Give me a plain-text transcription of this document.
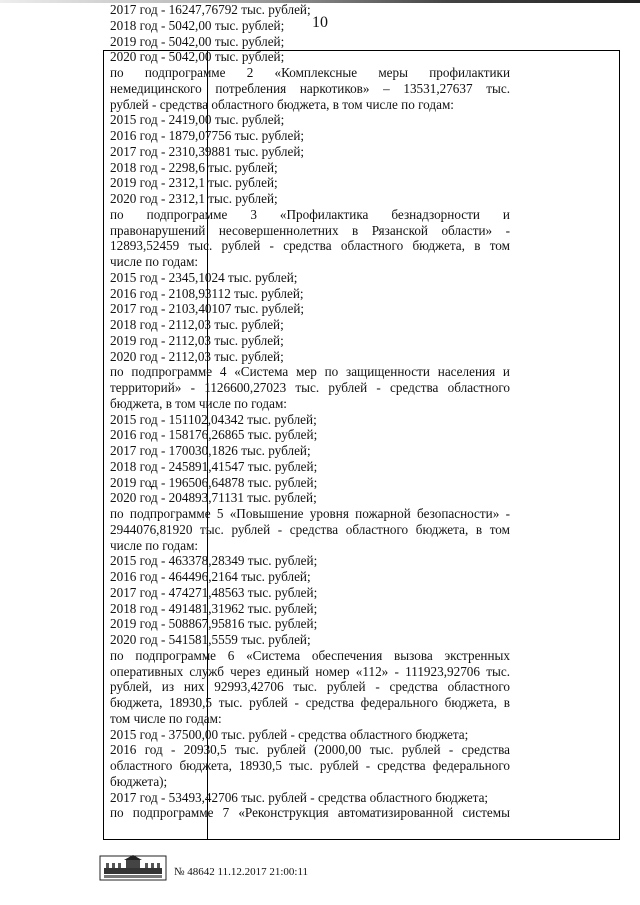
10

2017 год - 16247,76792 тыс. рублей;

2018 год - 5042,00 тыс. рублей;

2019 год - 5042,00 тыс. рублей;

2020 год - 5042,00 тыс. рублей;

по подпрограмме 2 «Комплексные меры профилактики

немедицинского потребления наркотиков» – 13531,27637 тыс.

рублей - средства областного бюджета, в том числе по годам:

2015 год - 2419,00 тыс. рублей;

2016 год - 1879,07756 тыс. рублей;

2017 год - 2310,39881 тыс. рублей;

2018 год - 2298,6 тыс. рублей;

2019 год - 2312,1 тыс. рублей;

2020 год - 2312,1 тыс. рублей;

по подпрограмме 3 «Профилактика безнадзорности и

правонарушений несовершеннолетних в Рязанской области» -

12893,52459 тыс. рублей - средства областного бюджета, в том

числе по годам:

2015 год - 2345,1024 тыс. рублей;

2016 год - 2108,93112 тыс. рублей;

2017 год - 2103,40107 тыс. рублей;

2018 год - 2112,03 тыс. рублей;

2019 год - 2112,03 тыс. рублей;

2020 год - 2112,03 тыс. рублей;

по подпрограмме 4 «Система мер по защищенности населения и

территорий» - 1126600,27023 тыс. рублей - средства областного

бюджета, в том числе по годам:

2015 год - 151102,04342 тыс. рублей;

2016 год - 158176,26865 тыс. рублей;

2017 год - 170030,1826 тыс. рублей;

2018 год - 245891,41547 тыс. рублей;

2019 год - 196506,64878 тыс. рублей;

2020 год - 204893,71131 тыс. рублей;

по подпрограмме 5 «Повышение уровня пожарной безопасности» -

2944076,81920 тыс. рублей - средства областного бюджета, в том

числе по годам:

2015 год - 463378,28349 тыс. рублей;

2016 год - 464496,2164 тыс. рублей;

2017 год - 474271,48563 тыс. рублей;

2018 год - 491481,31962 тыс. рублей;

2019 год - 508867,95816 тыс. рублей;

2020 год - 541581,5559 тыс. рублей;

по подпрограмме 6 «Система обеспечения вызова экстренных

оперативных служб через единый номер «112» - 111923,92706 тыс.

рублей, из них 92993,42706 тыс. рублей - средства областного

бюджета, 18930,5 тыс. рублей - средства федерального бюджета, в

том числе по годам:

2015 год - 37500,00 тыс. рублей - средства областного бюджета;

2016 год - 20930,5 тыс. рублей (2000,00 тыс. рублей - средства

областного бюджета, 18930,5 тыс. рублей - средства федерального

бюджета);

2017 год - 53493,42706 тыс. рублей - средства областного бюджета;

по подпрограмме 7 «Реконструкция автоматизированной системы

№ 48642 11.12.2017 21:00:11
